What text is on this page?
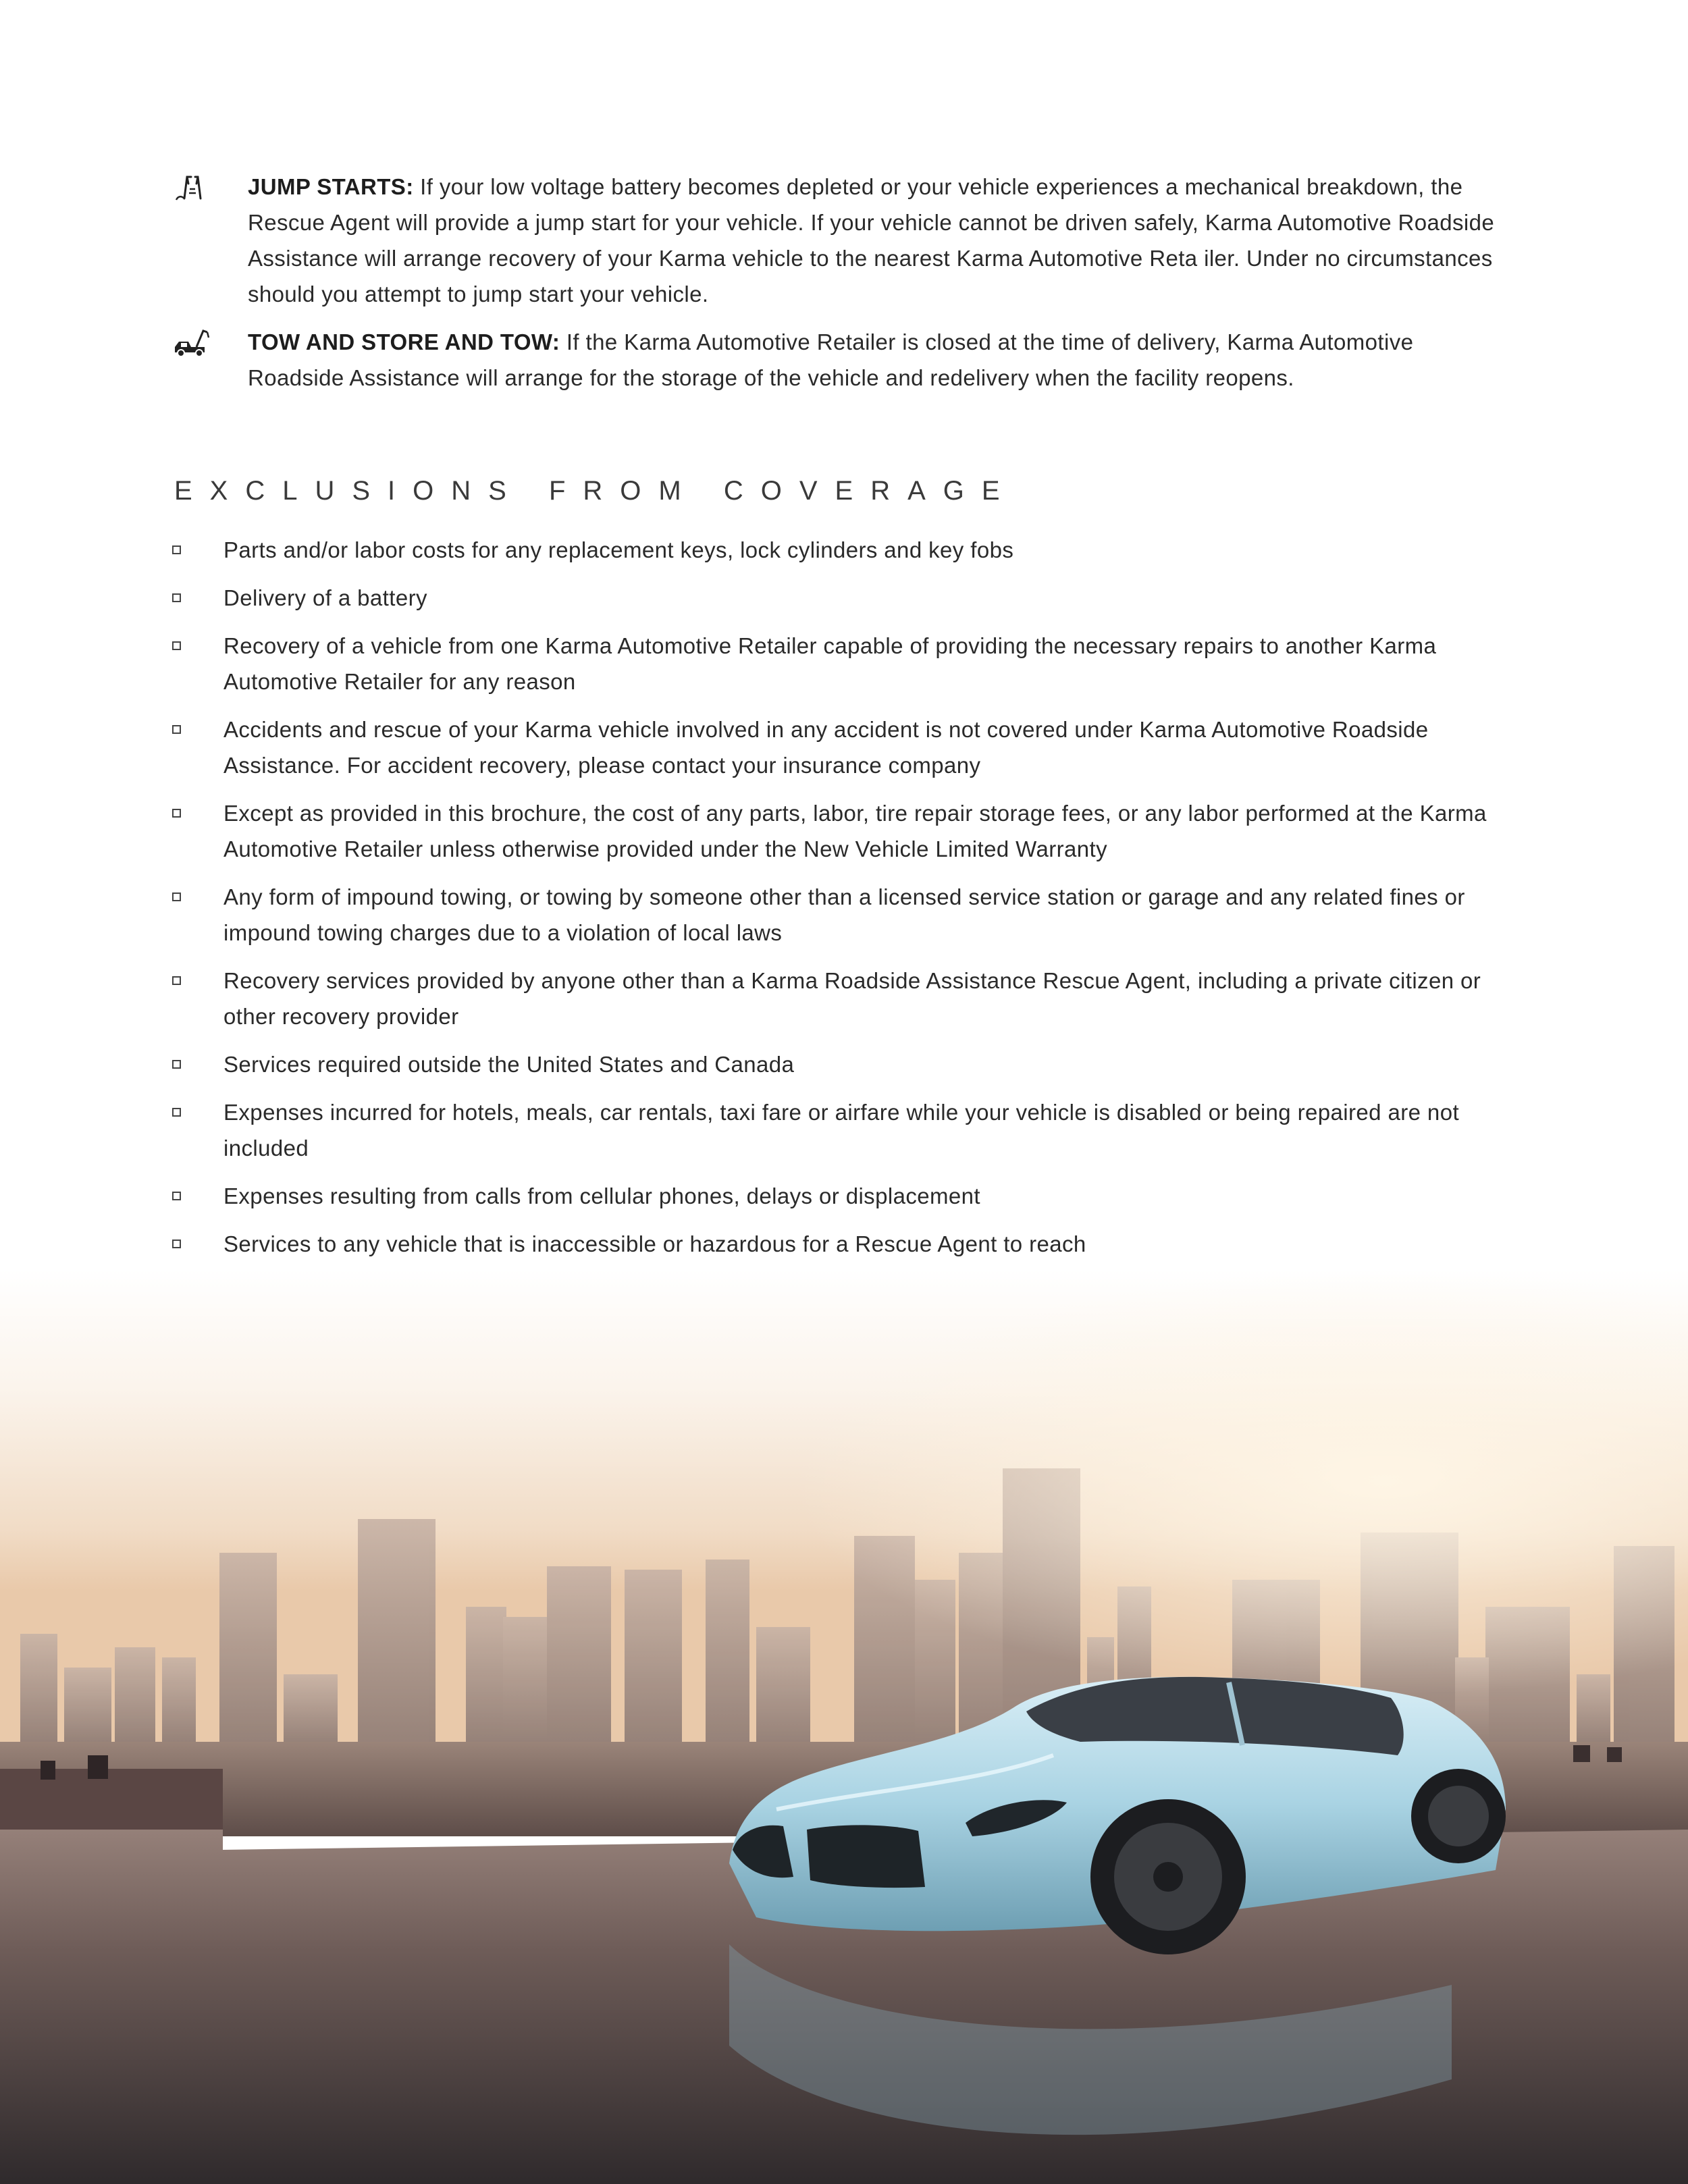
JUMP STARTS: If your low voltage battery becomes depleted or your vehicle experiences a mechanical breakdown, the Rescue Agent will provide a jump start for your vehicle. If your vehicle cannot be driven safely, Karma Automotive Roadside Assistance will arrange recovery of your Karma vehicle to the nearest Karma Automotive Reta iler. Under no circumstances should you attempt to jump start your vehicle.
TOW AND STORE AND TOW: If the Karma Automotive Retailer is closed at the time of delivery, Karma Automotive Roadside Assistance will arrange for the storage of the vehicle and redelivery when the facility reopens.
EXCLUSIONS FROM COVERAGE
Parts and/or labor costs for any replacement keys, lock cylinders and key fobs
Delivery of a battery
Recovery of a vehicle from one Karma Automotive Retailer capable of providing the necessary repairs to another Karma Automotive Retailer for any reason
Accidents and rescue of your Karma vehicle involved in any accident is not covered under Karma Automotive Roadside Assistance. For accident recovery, please contact your insurance company
Except as provided in this brochure, the cost of any parts, labor, tire repair storage fees, or any labor performed at the Karma Automotive Retailer unless otherwise provided under the New Vehicle Limited Warranty
Any form of impound towing, or towing by someone other than a licensed service station or garage and any related fines or impound towing charges due to a violation of local laws
Recovery services provided by anyone other than a Karma Roadside Assistance Rescue Agent, including a private citizen or other recovery provider
Services required outside the United States and Canada
Expenses incurred for hotels, meals, car rentals, taxi fare or airfare while your vehicle is disabled or being repaired are not included
Expenses resulting from calls from cellular phones, delays or displacement
Services to any vehicle that is inaccessible or hazardous for a Rescue Agent to reach
